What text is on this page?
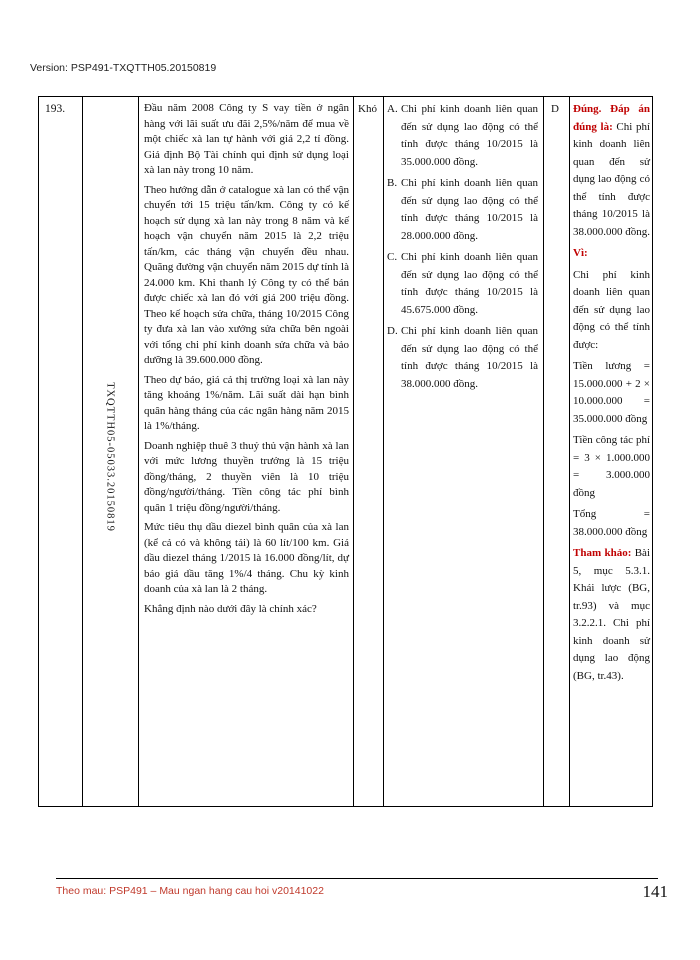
Version: PSP491-TXQTTH05.20150819
193.
TXQTTH05-05033.20150819

Đầu năm 2008 Công ty S vay tiền ở ngân hàng với lãi suất ưu đãi 2,5%/năm để mua về một chiếc xà lan tự hành với giá 2,2 tỉ đồng. Giả định Bộ Tài chính qui định sử dụng loại xà lan này trong 10 năm.

Theo hướng dẫn ở catalogue xà lan có thể vận chuyển tới 15 triệu tấn/km. Công ty có kế hoạch sử dụng xà lan này trong 8 năm và kế hoạch vận chuyển năm 2015 là 2,2 triệu tấn/km, các tháng vận chuyển đều nhau. Quãng đường vận chuyển năm 2015 dự tính là 24.000 km. Khi thanh lý Công ty có thể bán được chiếc xà lan đó với giá 200 triệu đồng. Theo kế hoạch sửa chữa, tháng 10/2015 Công ty đưa xà lan vào xưởng sửa chữa bên ngoài với tổng chi phí kinh doanh sửa chữa và bảo dưỡng là 39.600.000 đồng.

Theo dự báo, giá cả thị trường loại xà lan này tăng khoảng 1%/năm. Lãi suất dài hạn bình quân hàng tháng của các ngân hàng năm 2015 là 1%/tháng.

Doanh nghiệp thuê 3 thuỷ thủ vận hành xà lan với mức lương thuyền trưởng là 15 triệu đồng/tháng, 2 thuyền viên là 10 triệu đồng/người/tháng. Tiền công tác phí bình quân 1 triệu đồng/người/tháng.

Mức tiêu thụ dầu diezel bình quân của xà lan (kể cả có và không tải) là 60 lít/100 km. Giá dầu diezel tháng 1/2015 là 16.000 đồng/lít, dự báo giá dầu tăng 1%/4 tháng. Chu kỳ kinh doanh của xà lan là 2 tháng.

Khẳng định nào dưới đây là chính xác?

Khó A. Chi phí kinh doanh liên quan đến sử dụng lao động có thể tính được tháng 10/2015 là 35.000.000 đồng.
B. Chi phí kinh doanh liên quan đến sử dụng lao động có thể tính được tháng 10/2015 là 28.000.000 đồng.
C. Chi phí kinh doanh liên quan đến sử dụng lao động có thể tính được tháng 10/2015 là 45.675.000 đồng.
D. Chi phí kinh doanh liên quan đến sử dụng lao động có thể tính được tháng 10/2015 là 38.000.000 đồng.
D	Đúng. Đáp án đúng là: Chi phí kinh doanh liên quan đến sử dụng lao động có thể tính được tháng 10/2015 là 38.000.000 đồng.

Vì:

Chi phí kinh doanh liên quan đến sử dụng lao động có thể tính được:

Tiền lương = 15.000.000 + 2 × 10.000.000 = 35.000.000 đồng

Tiền công tác phí = 3 × 1.000.000 = 3.000.000 đồng

Tổng = 38.000.000 đồng

Tham khảo: Bài 5, mục 5.3.1. Khái lược (BG, tr.93) và mục 3.2.2.1. Chi phí kinh doanh sử dụng lao động (BG, tr.43).

Theo mau: PSP491 – Mau ngan hang cau hoi v20141022	141
